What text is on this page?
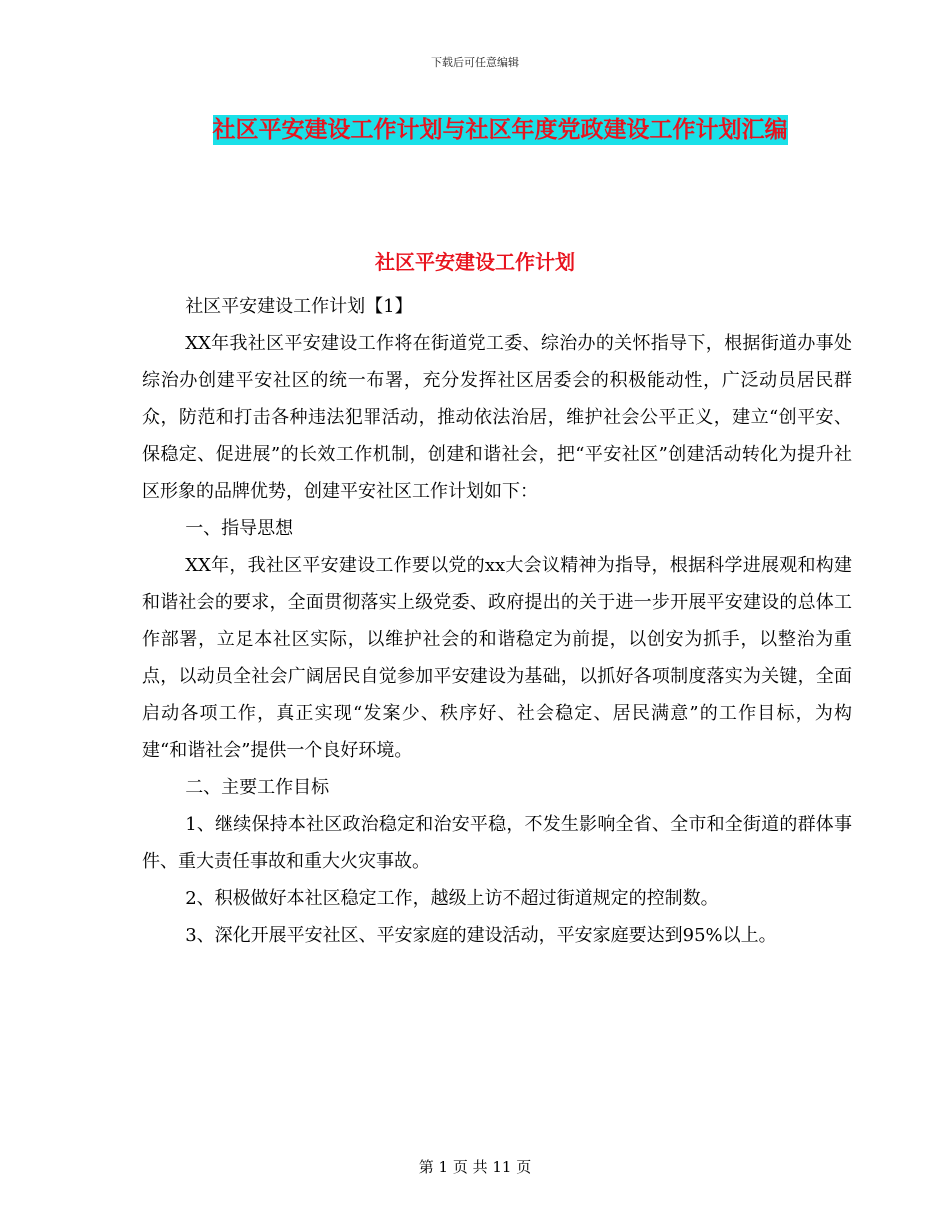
下载后可任意编辑
社区平安建设工作计划与社区年度党政建设工作计划汇编
社区平安建设工作计划

社区平安建设工作计划【1】

XX年我社区平安建设工作将在街道党工委、综治办的关怀指导下，根据街道办事处综治办创建平安社区的统一布署，充分发挥社区居委会的积极能动性，广泛动员居民群众，防范和打击各种违法犯罪活动，推动依法治居，维护社会公平正义，建立“创平安、保稳定、促进展”的长效工作机制，创建和谐社会，把“平安社区”创建活动转化为提升社区形象的品牌优势，创建平安社区工作计划如下：

一、指导思想

XX年，我社区平安建设工作要以党的xx大会议精神为指导，根据科学进展观和构建和谐社会的要求，全面贯彻落实上级党委、政府提出的关于进一步开展平安建设的总体工作部署，立足本社区实际，以维护社会的和谐稳定为前提，以创安为抓手，以整治为重点，以动员全社会广阔居民自觉参加平安建设为基础，以抓好各项制度落实为关键，全面启动各项工作，真正实现“发案少、秩序好、社会稳定、居民满意”的工作目标，为构建“和谐社会”提供一个良好环境。

二、主要工作目标

1、继续保持本社区政治稳定和治安平稳，不发生影响全省、全市和全街道的群体事件、重大责任事故和重大火灾事故。

2、积极做好本社区稳定工作，越级上访不超过街道规定的控制数。

3、深化开展平安社区、平安家庭的建设活动，平安家庭要达到95%以上。

第 1 页 共 11 页
